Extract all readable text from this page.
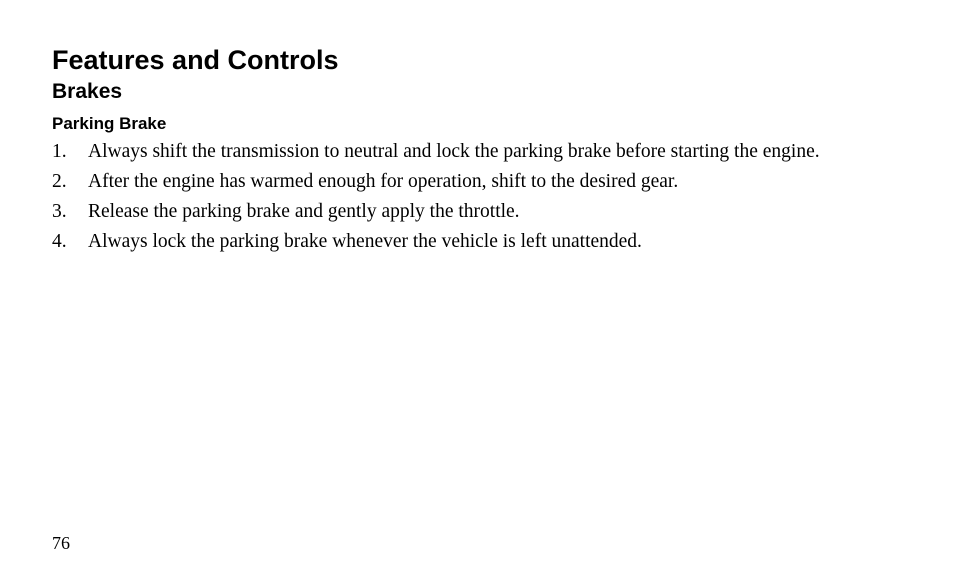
Features and Controls
Brakes
Parking Brake
1.	Always shift the transmission to neutral and lock the parking brake before starting the engine.
2.	After the engine has warmed enough for operation, shift to the desired gear.
3.	Release the parking brake and gently apply the throttle.
4.	Always lock the parking brake whenever the vehicle is left unattended.
76
